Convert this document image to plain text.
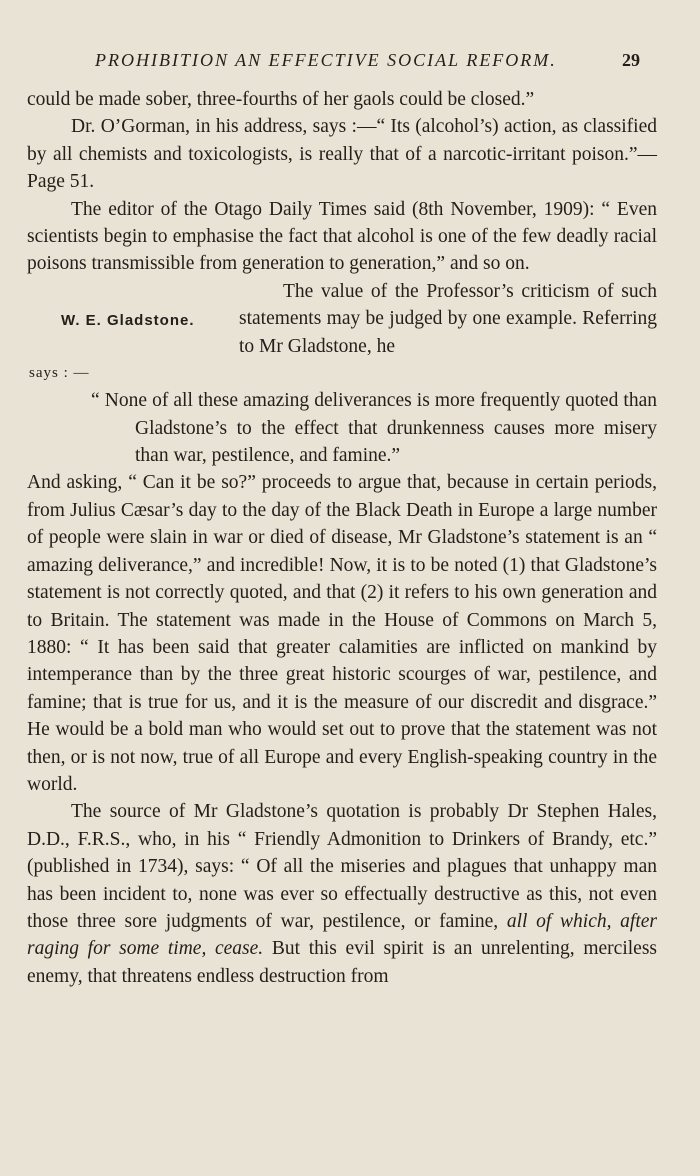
PROHIBITION AN EFFECTIVE SOCIAL REFORM.	29

could be made sober, three-fourths of her gaols could be closed.”

Dr. O’Gorman, in his address, says :—“ Its (alcohol’s) action, as classified by all chemists and toxicologists, is really that of a narcotic-irritant poison.”—Page 51.

The editor of the Otago Daily Times said (8th November, 1909): “ Even scientists begin to emphasise the fact that alcohol is one of the few deadly racial poisons transmissible from generation to generation,” and so on.

W. E. Gladstone.

The value of the Professor’s criticism of such statements may be judged by one example. Referring to Mr Gladstone, he

says : —

“ None of all these amazing deliverances is more frequently quoted than Gladstone’s to the effect that drunkenness causes more misery than war, pestilence, and famine.”

And asking, “ Can it be so?” proceeds to argue that, because in certain periods, from Julius Cæsar’s day to the day of the Black Death in Europe a large number of people were slain in war or died of disease, Mr Gladstone’s statement is an “ amazing deliverance,” and incredible! Now, it is to be noted (1) that Gladstone’s statement is not correctly quoted, and that (2) it refers to his own generation and to Britain. The statement was made in the House of Commons on March 5, 1880: “ It has been said that greater calamities are inflicted on mankind by intemperance than by the three great historic scourges of war, pestilence, and famine; that is true for us, and it is the measure of our discredit and disgrace.” He would be a bold man who would set out to prove that the statement was not then, or is not now, true of all Europe and every English-speaking country in the world.

The source of Mr Gladstone’s quotation is probably Dr Stephen Hales, D.D., F.R.S., who, in his “ Friendly Admonition to Drinkers of Brandy, etc.” (published in 1734), says: “ Of all the miseries and plagues that unhappy man has been incident to, none was ever so effectually destructive as this, not even those three sore judgments of war, pestilence, or famine, all of which, after raging for some time, cease. But this evil spirit is an unrelenting, merciless enemy, that threatens endless destruction from
